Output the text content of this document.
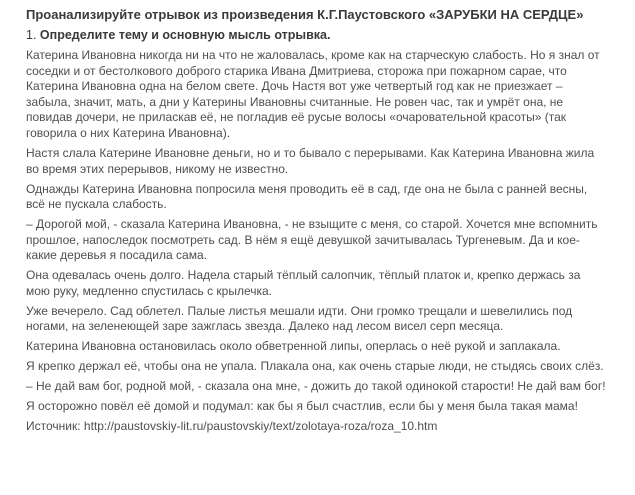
Проанализируйте отрывок из произведения К.Г.Паустовского «ЗАРУБКИ НА СЕРДЦЕ»
1. Определите тему и основную мысль отрывка.

Катерина Ивановна никогда ни на что не жаловалась, кроме как на старческую слабость. Но я знал от соседки и от бестолкового доброго старика Ивана Дмитриева, сторожа при пожарном сарае, что Катерина Ивановна одна на белом свете. Дочь Настя вот уже четвертый год как не приезжает – забыла, значит, мать, а дни у Катерины Ивановны считанные. Не ровен час, так и умрёт она, не повидав дочери, не приласкав её, не погладив её русые волосы «очаровательной красоты» (так говорила о них Катерина Ивановна).

Настя слала Катерине Ивановне деньги, но и то бывало с перерывами. Как Катерина Ивановна жила во время этих перерывов, никому не известно.

Однажды Катерина Ивановна попросила меня проводить её в сад, где она не была с ранней весны, всё не пускала слабость.

– Дорогой мой, - сказала Катерина Ивановна, - не взыщите с меня, со старой. Хочется мне вспомнить прошлое, напоследок посмотреть сад. В нём я ещё девушкой зачитывалась Тургеневым. Да и кое-какие деревья я посадила сама.

Она одевалась очень долго. Надела старый тёплый салопчик, тёплый платок и, крепко держась за мою руку, медленно спустилась с крылечка.

Уже вечерело. Сад облетел. Палые листья мешали идти. Они громко трещали и шевелились под ногами, на зеленеющей заре зажглась звезда. Далеко над лесом висел серп месяца.

Катерина Ивановна остановилась около обветренной липы, оперлась о неё рукой и заплакала.

Я крепко держал её, чтобы она не упала. Плакала она, как очень старые люди, не стыдясь своих слёз.

– Не дай вам бог, родной мой, - сказала она мне, - дожить до такой одинокой старости! Не дай вам бог!

Я осторожно повёл её домой и подумал: как бы я был счастлив, если бы у меня была такая мама!

Источник: http://paustovskiy-lit.ru/paustovskiy/text/zolotaya-roza/roza_10.htm
